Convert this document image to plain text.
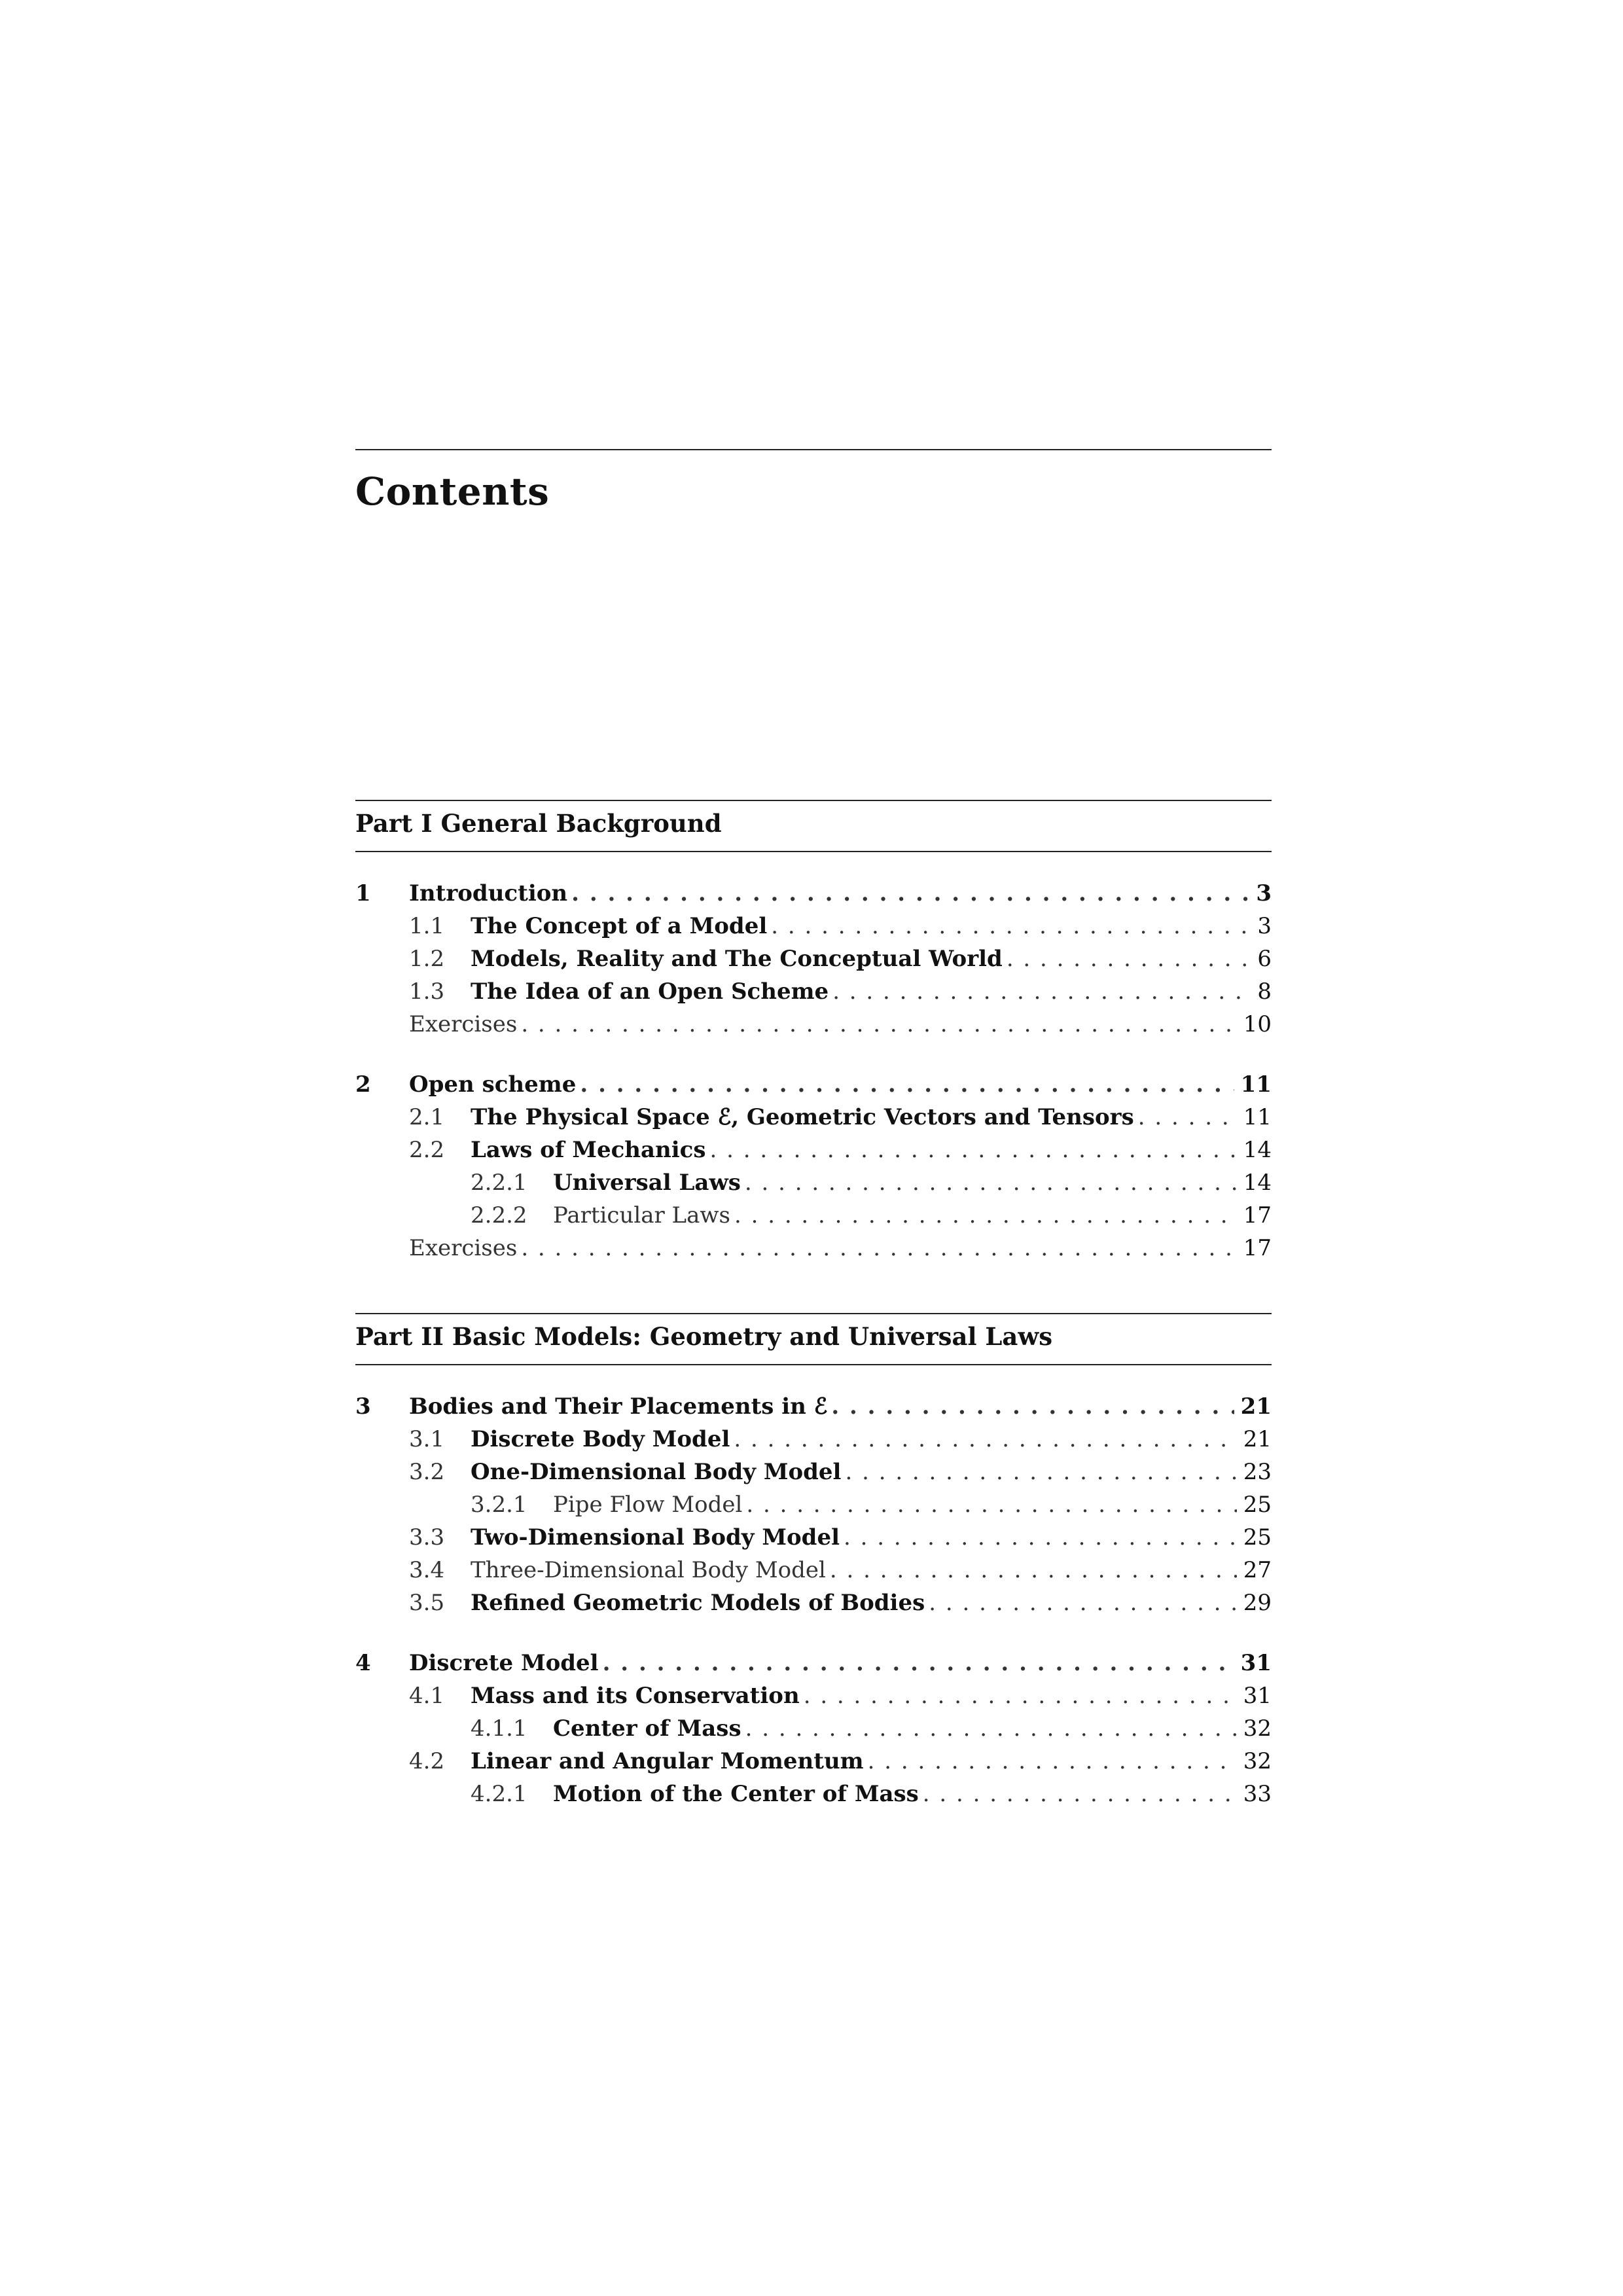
Contents
Part I General Background
1 Introduction . . .	3
1.1 The Concept of a Model . . .	3
1.2 Models, Reality and The Conceptual World . . .	6
1.3 The Idea of an Open Scheme . . .	8
Exercises . . .	10
2 Open scheme . . .	11
2.1 The Physical Space ℰ, Geometric Vectors and Tensors . . .	11
2.2 Laws of Mechanics . . .	14
2.2.1 Universal Laws . . .	14
2.2.2 Particular Laws . . .	17
Exercises . . .	17
Part II Basic Models: Geometry and Universal Laws
3 Bodies and Their Placements in ℰ . . .	21
3.1 Discrete Body Model . . .	21
3.2 One-Dimensional Body Model . . .	23
3.2.1 Pipe Flow Model . . .	25
3.3 Two-Dimensional Body Model . . .	25
3.4 Three-Dimensional Body Model . . .	27
3.5 Refined Geometric Models of Bodies . . .	29
4 Discrete Model . . .	31
4.1 Mass and its Conservation . . .	31
4.1.1 Center of Mass . . .	32
4.2 Linear and Angular Momentum . . .	32
4.2.1 Motion of the Center of Mass . . .	33
